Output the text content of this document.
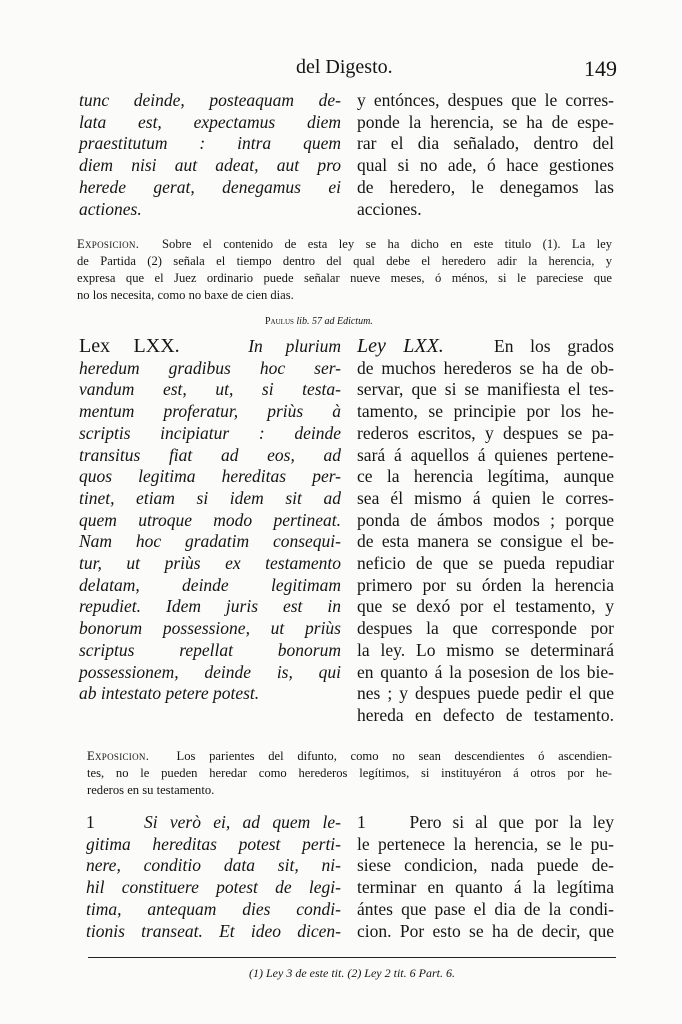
del Digesto.	149
tunc deinde, posteaquam de-
lata est, expectamus diem
praestitutum : intra quem
diem nisi aut adeat, aut pro
herede gerat, denegamus ei
actiones.
y entónces, despues que le corres-
ponde la herencia, se ha de espe-
rar el dia señalado, dentro del
qual si no ade, ó hace gestiones
de heredero, le denegamos las
acciones.
Exposicion. Sobre el contenido de esta ley se ha dicho en este titulo (1). La ley
de Partida (2) señala el tiempo dentro del qual debe el heredero adir la herencia, y
expresa que el Juez ordinario puede señalar nueve meses, ó ménos, si le pareciese que
no los necesita, como no baxe de cien dias.
Paulus lib. 57 ad Edictum.
Lex LXX.	In plurium
heredum gradibus hoc ser-
vandum est, ut, si testa-
mentum proferatur, priùs à
scriptis incipiatur : deinde
transitus fiat ad eos, ad
quos legitima hereditas per-
tinet, etiam si idem sit ad
quem utroque modo pertineat.
Nam hoc gradatim consequi-
tur, ut priùs ex testamento
delatam, deinde legitimam
repudiet. Idem juris est in
bonorum possessione, ut priùs
scriptus repellat bonorum
possessionem, deinde is, qui
ab intestato petere potest.
Ley LXX.	En los grados
de muchos herederos se ha de ob-
servar, que si se manifiesta el tes-
tamento, se principie por los he-
rederos escritos, y despues se pa-
sará á aquellos á quienes pertene-
ce la herencia legítima, aunque
sea él mismo á quien le corres-
ponda de ámbos modos ; porque
de esta manera se consigue el be-
neficio de que se pueda repudiar
primero por su órden la herencia
que se dexó por el testamento, y
despues la que corresponde por
la ley. Lo mismo se determinará
en quanto á la posesion de los bie-
nes ; y despues puede pedir el que
hereda en defecto de testamento.
Exposicion. Los parientes del difunto, como no sean descendientes ó ascendien-
tes, no le pueden heredar como herederos legítimos, si instituyéron á otros por he-
rederos en su testamento.
1	Si verò ei, ad quem le-
gitima hereditas potest perti-
nere, conditio data sit, ni-
hil constituere potest de legi-
tima, antequam dies condi-
tionis transeat. Et ideo dicen-
1 Pero si al que por la ley
le pertenece la herencia, se le pu-
siese condicion, nada puede de-
terminar en quanto á la legítima
ántes que pase el dia de la condi-
cion. Por esto se ha de decir, que
(1) Ley 3 de este tit. (2) Ley 2 tit. 6 Part. 6.
